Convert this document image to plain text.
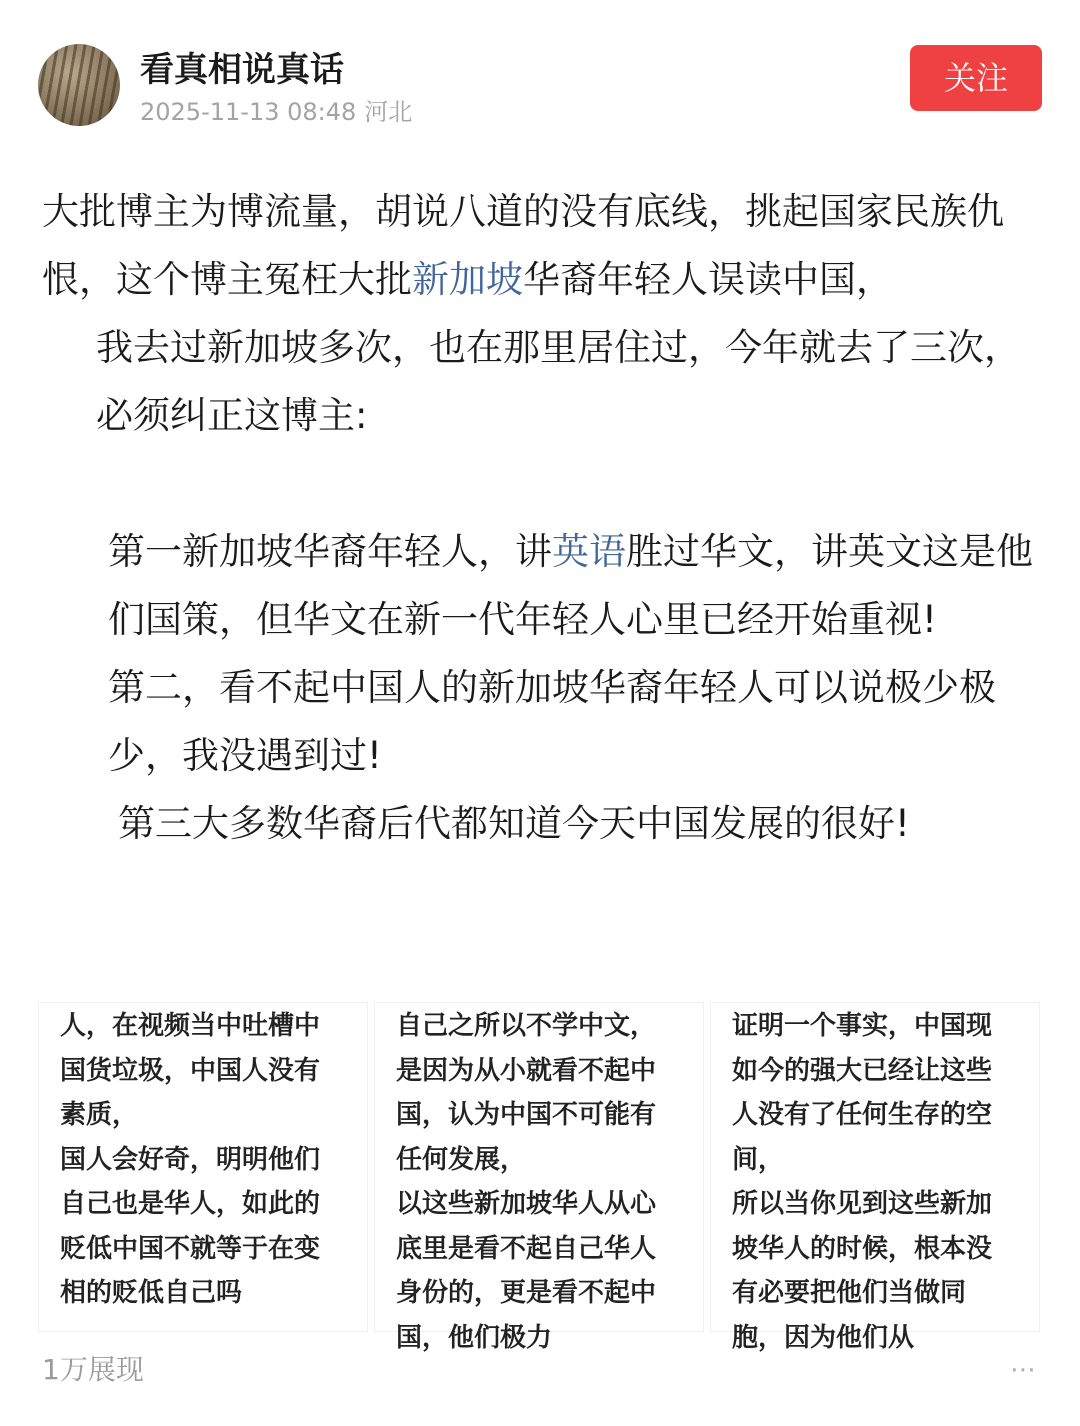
看真相说真话
2025-11-13 08:48 河北
关注

大批博主为博流量，胡说八道的没有底线，挑起国家民族仇恨，这个博主冤枉大批新加坡华裔年轻人误读中国，

我去过新加坡多次，也在那里居住过，今年就去了三次，必须纠正这博主:

第一新加坡华裔年轻人，讲英语胜过华文，讲英文这是他们国策，但华文在新一代年轻人心里已经开始重视!

第二，看不起中国人的新加坡华裔年轻人可以说极少极少，我没遇到过!

第三大多数华裔后代都知道今天中国发展的很好!

人，在视频当中吐槽中国货垃圾，中国人没有素质，
国人会好奇，明明他们自己也是华人，如此的贬低中国不就等于在变相的贬低自己吗
自己之所以不学中文，是因为从小就看不起中国，认为中国不可能有任何发展，
以这些新加坡华人从心底里是看不起自己华人身份的，更是看不起中国，他们极力
证明一个事实，中国现如今的强大已经让这些人没有了任何生存的空间，
所以当你见到这些新加坡华人的时候，根本没有必要把他们当做同胞，因为他们从
1万展现	⋯
